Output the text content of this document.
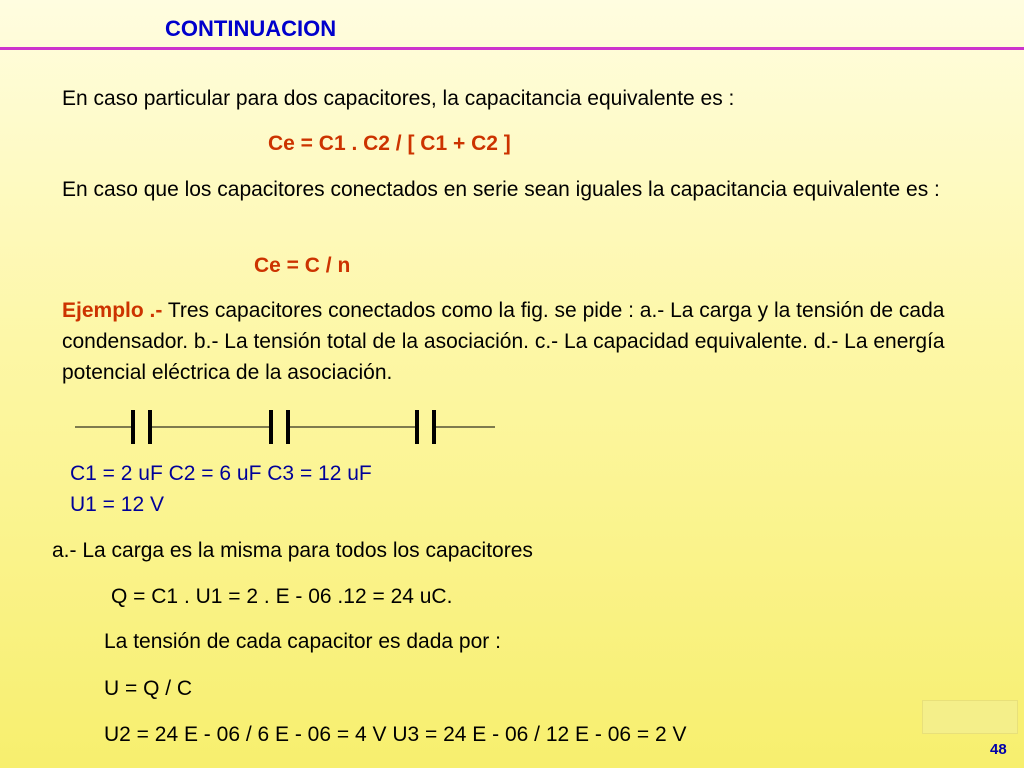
CONTINUACION
En caso particular para dos capacitores, la capacitancia equivalente es :
Ce = C1 . C2 / [ C1 + C2 ]
En caso que los capacitores conectados en serie sean iguales la capacitancia equivalente es :
Ce = C / n
Ejemplo .- Tres capacitores conectados como la fig. se pide : a.- La carga y la tensión de cada condensador. b.- La tensión total de la asociación. c.- La capacidad equivalente. d.- La energía potencial eléctrica de la asociación.
C1 = 2 uF C2 = 6 uF C3 = 12 uF
U1 = 12 V
a.- La carga es la misma para todos los capacitores
Q = C1 . U1 = 2 . E - 06 .12 = 24 uC.
La tensión de cada capacitor es dada por :
U = Q / C
U2 = 24 E - 06 / 6 E - 06 = 4 V U3 = 24 E - 06 / 12 E - 06 = 2 V
48
